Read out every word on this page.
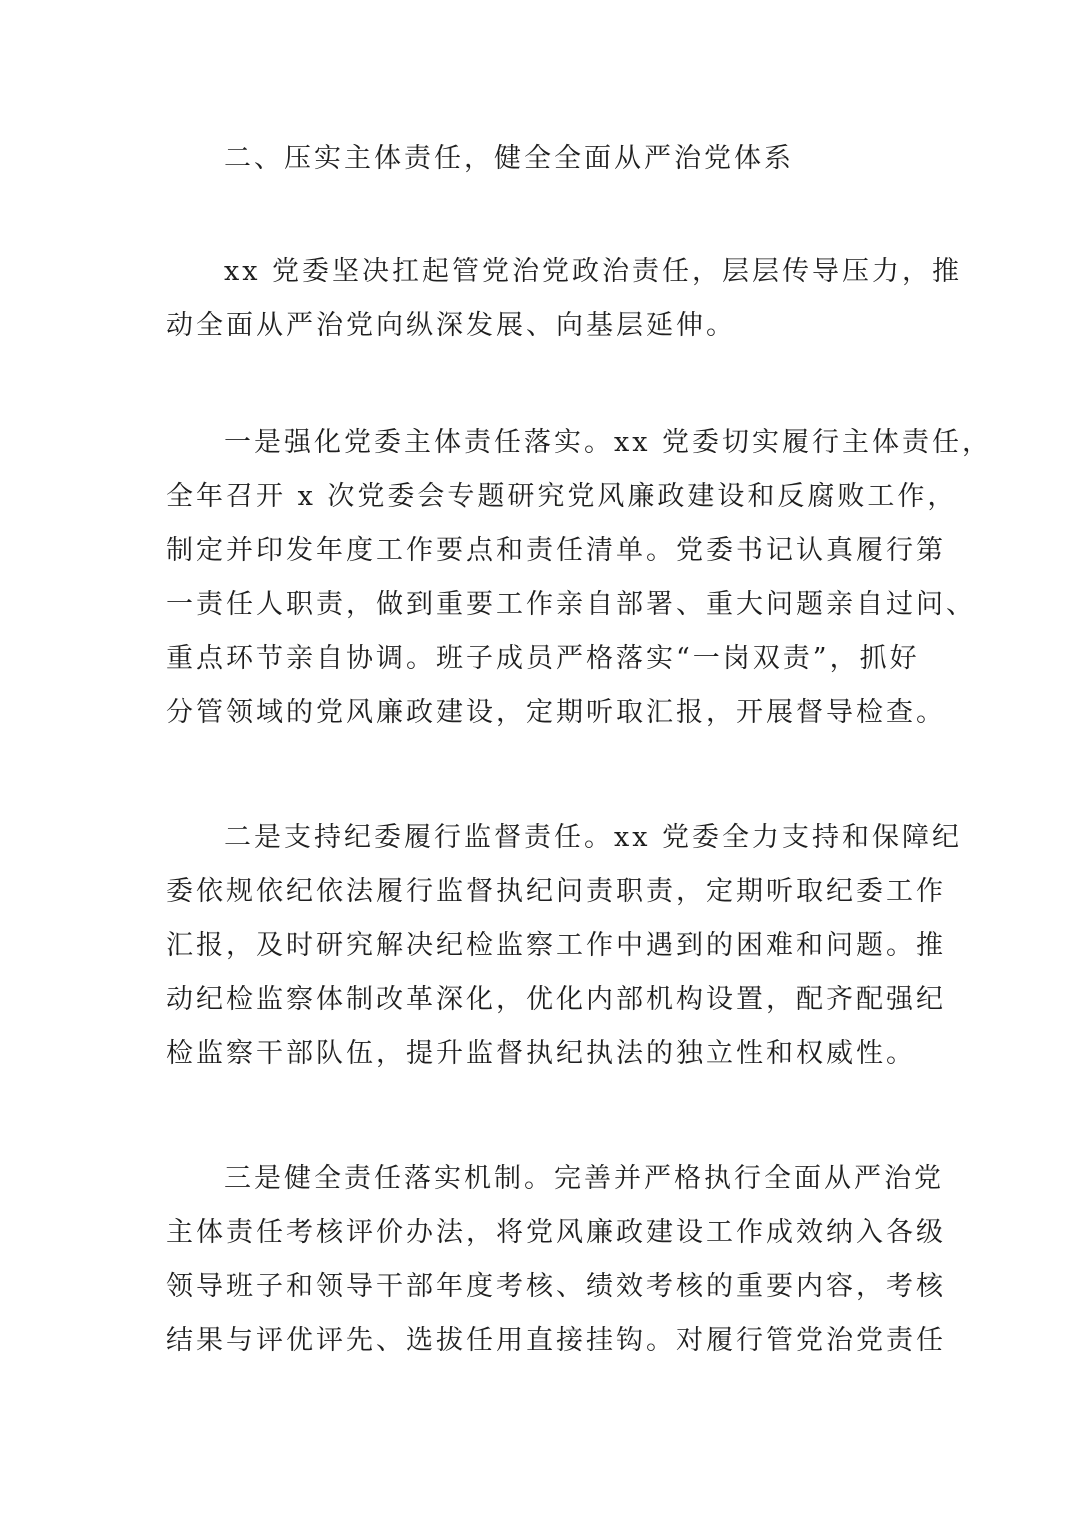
二、压实主体责任，健全全面从严治党体系
xx 党委坚决扛起管党治党政治责任，层层传导压力，推
动全面从严治党向纵深发展、向基层延伸。
一是强化党委主体责任落实。xx 党委切实履行主体责任，
全年召开 x 次党委会专题研究党风廉政建设和反腐败工作，
制定并印发年度工作要点和责任清单。党委书记认真履行第
一责任人职责，做到重要工作亲自部署、重大问题亲自过问、
重点环节亲自协调。班子成员严格落实“一岗双责”，抓好
分管领域的党风廉政建设，定期听取汇报，开展督导检查。
二是支持纪委履行监督责任。xx 党委全力支持和保障纪
委依规依纪依法履行监督执纪问责职责，定期听取纪委工作
汇报，及时研究解决纪检监察工作中遇到的困难和问题。推
动纪检监察体制改革深化，优化内部机构设置，配齐配强纪
检监察干部队伍，提升监督执纪执法的独立性和权威性。
三是健全责任落实机制。完善并严格执行全面从严治党
主体责任考核评价办法，将党风廉政建设工作成效纳入各级
领导班子和领导干部年度考核、绩效考核的重要内容，考核
结果与评优评先、选拔任用直接挂钩。对履行管党治党责任
